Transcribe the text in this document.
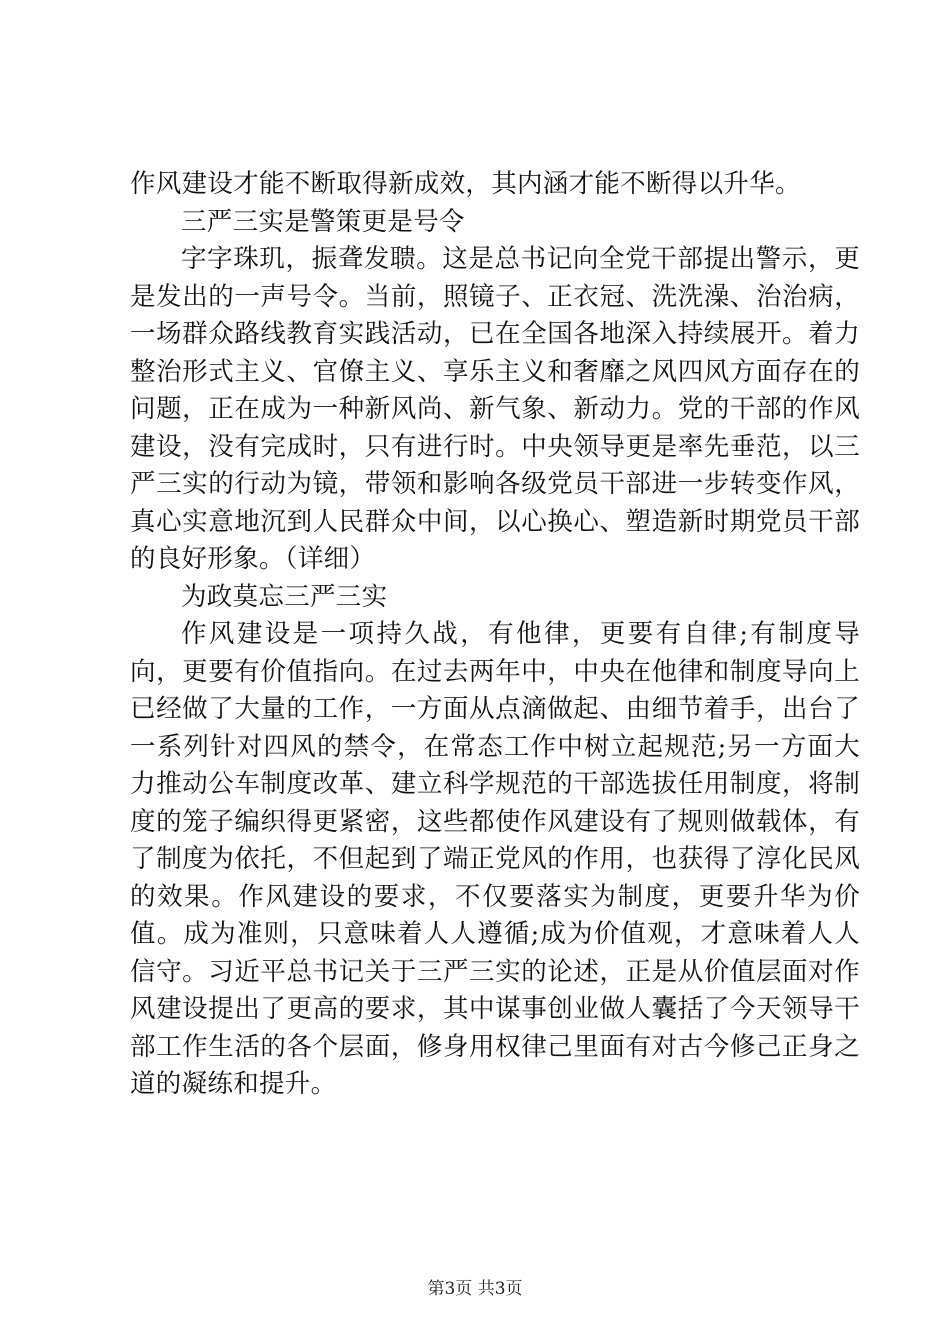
作风建设才能不断取得新成效，其内涵才能不断得以升华。

三严三实是警策更是号令

字字珠玑，振聋发聩。这是总书记向全党干部提出警示，更是发出的一声号令。当前，照镜子、正衣冠、洗洗澡、治治病，一场群众路线教育实践活动，已在全国各地深入持续展开。着力整治形式主义、官僚主义、享乐主义和奢靡之风四风方面存在的问题，正在成为一种新风尚、新气象、新动力。党的干部的作风建设，没有完成时，只有进行时。中央领导更是率先垂范，以三严三实的行动为镜，带领和影响各级党员干部进一步转变作风，真心实意地沉到人民群众中间，以心换心、塑造新时期党员干部的良好形象。（详细）

为政莫忘三严三实

作风建设是一项持久战，有他律，更要有自律;有制度导向，更要有价值指向。在过去两年中，中央在他律和制度导向上已经做了大量的工作，一方面从点滴做起、由细节着手，出台了一系列针对四风的禁令，在常态工作中树立起规范;另一方面大力推动公车制度改革、建立科学规范的干部选拔任用制度，将制度的笼子编织得更紧密，这些都使作风建设有了规则做载体，有了制度为依托，不但起到了端正党风的作用，也获得了淳化民风的效果。作风建设的要求，不仅要落实为制度，更要升华为价值。成为准则，只意味着人人遵循;成为价值观，才意味着人人信守。习近平总书记关于三严三实的论述，正是从价值层面对作风建设提出了更高的要求，其中谋事创业做人囊括了今天领导干部工作生活的各个层面，修身用权律己里面有对古今修己正身之道的凝练和提升。

第3页 共3页
